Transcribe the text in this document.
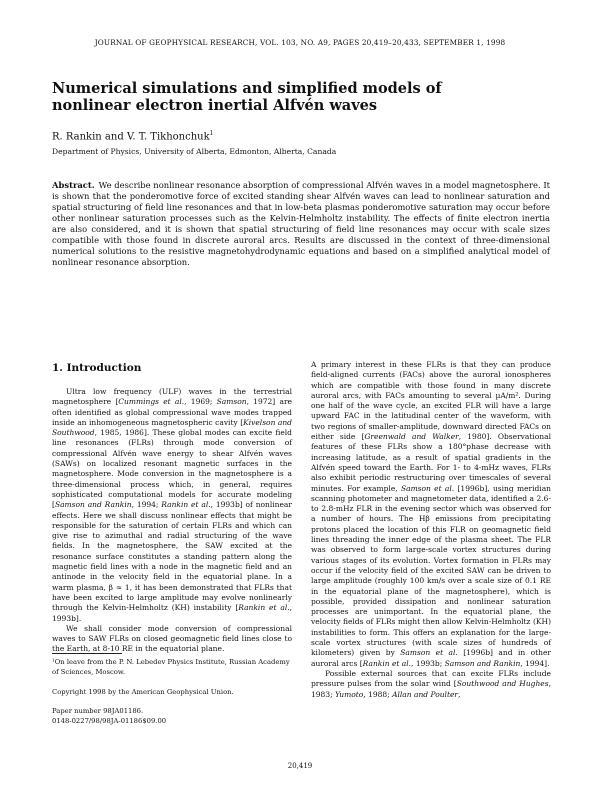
JOURNAL OF GEOPHYSICAL RESEARCH, VOL. 103, NO. A9, PAGES 20,419–20,433, SEPTEMBER 1, 1998
Numerical simulations and simplified models of
nonlinear electron inertial Alfvén waves
R. Rankin and V. T. Tikhonchuk$^1$
Department of Physics, University of Alberta, Edmonton, Alberta, Canada
Abstract. We describe nonlinear resonance absorption of compressional Alfvén waves in a model magnetosphere. It is shown that the ponderomotive force of excited standing shear Alfvén waves can lead to nonlinear saturation and spatial structuring of field line resonances and that in low-beta plasmas ponderomotive saturation may occur before other nonlinear saturation processes such as the Kelvin-Helmholtz instability. The effects of finite electron inertia are also considered, and it is shown that spatial structuring of field line resonances may occur with scale sizes compatible with those found in discrete auroral arcs. Results are discussed in the context of three-dimensional numerical solutions to the resistive magnetohydrodynamic equations and based on a simplified analytical model of nonlinear resonance absorption.
1. Introduction

Ultra low frequency (ULF) waves in the terrestrial magnetosphere [Cummings et al., 1969; Samson, 1972] are often identified as global compressional wave modes trapped inside an inhomogeneous magnetospheric cavity [Kivelson and Southwood, 1985, 1986]. These global modes can excite field line resonances (FLRs) through mode conversion of compressional Alfvén wave energy to shear Alfvén waves (SAWs) on localized resonant magnetic surfaces in the magnetosphere. Mode conversion in the magnetosphere is a three-dimensional process which, in general, requires sophisticated computational models for accurate modeling [Samson and Rankin, 1994; Rankin et al., 1993b] of nonlinear effects. Here we shall discuss nonlinear effects that might be responsible for the saturation of certain FLRs and which can give rise to azimuthal and radial structuring of the wave fields. In the magnetosphere, the SAW excited at the resonance surface constitutes a standing pattern along the magnetic field lines with a node in the magnetic field and an antinode in the velocity field in the equatorial plane. In a warm plasma, β ≈ 1, it has been demonstrated that FLRs that have been excited to large amplitude may evolve nonlinearly through the Kelvin-Helmholtz (KH) instability [Rankin et al., 1993b].

We shall consider mode conversion of compressional waves to SAW FLRs on closed geomagnetic field lines close to the Earth, at 8-10 RE in the equatorial plane.

¹On leave from the P. N. Lebedev Physics Institute, Russian Academy of Sciences, Moscow.
Copyright 1998 by the American Geophysical Union.
Paper number 98JA01186.
0148-0227/98/98JA-01186$09.00

A primary interest in these FLRs is that they can produce field-aligned currents (FACs) above the auroral ionospheres which are compatible with those found in many discrete auroral arcs, with FACs amounting to several µA/m². During one half of the wave cycle, an excited FLR will have a large upward FAC in the latitudinal center of the waveform, with two regions of smaller-amplitude, downward directed FACs on either side [Greenwald and Walker, 1980]. Observational features of these FLRs show a 180°phase decrease with increasing latitude, as a result of spatial gradients in the Alfvén speed toward the Earth. For 1- to 4-mHz waves, FLRs also exhibit periodic restructuring over timescales of several minutes. For example, Samson et al. [1996b], using meridian scanning photometer and magnetometer data, identified a 2.6- to 2.8-mHz FLR in the evening sector which was observed for a number of hours. The Hβ emissions from precipitating protons placed the location of this FLR on geomagnetic field lines threading the inner edge of the plasma sheet. The FLR was observed to form large-scale vortex structures during various stages of its evolution. Vortex formation in FLRs may occur if the velocity field of the excited SAW can be driven to large amplitude (roughly 100 km/s over a scale size of 0.1 RE in the equatorial plane of the magnetosphere), which is possible, provided dissipation and nonlinear saturation processes are unimportant. In the equatorial plane, the velocity fields of FLRs might then allow Kelvin-Helmholtz (KH) instabilities to form. This offers an explanation for the large-scale vortex structures (with scale sizes of hundreds of kilometers) given by Samson et al. [1996b] and in other auroral arcs [Rankin et al., 1993b; Samson and Rankin, 1994].

Possible external sources that can excite FLRs include pressure pulses from the solar wind [Southwood and Hughes, 1983; Yumoto, 1988; Allan and Poulter,

20,419
